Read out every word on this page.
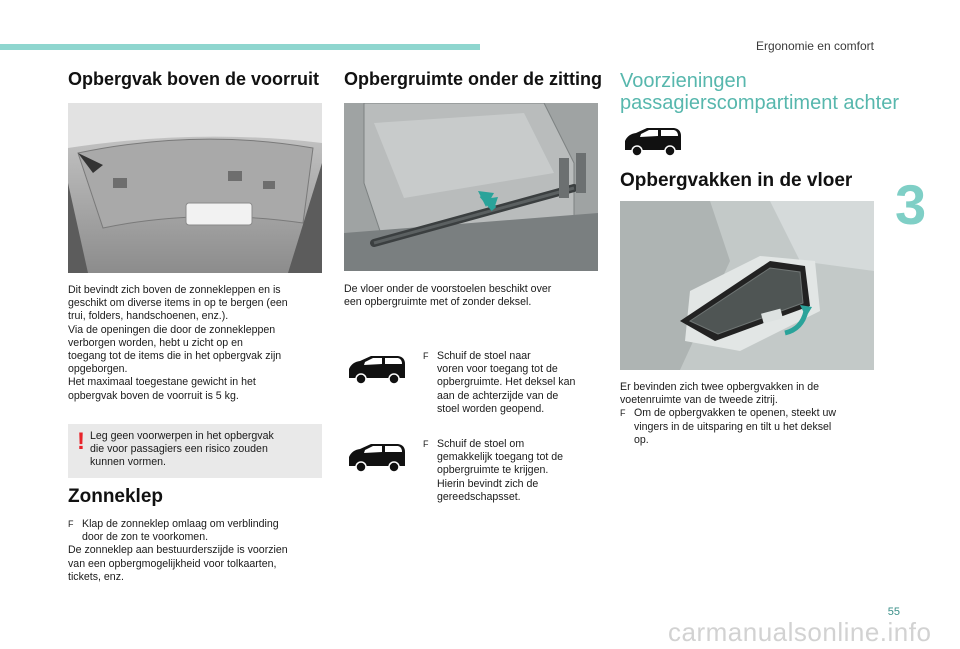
Ergonomie en comfort
3
Opbergvak boven de voorruit

Dit bevindt zich boven de zonnekleppen en is

geschikt om diverse items in op te bergen (een

trui, folders, handschoenen, enz.).

Via de openingen die door de zonnekleppen

verborgen worden, hebt u zicht op en

toegang tot de items die in het opbergvak zijn

opgeborgen.

Het maximaal toegestane gewicht in het

opbergvak boven de voorruit is 5 kg.

! Leg geen voorwerpen in het opbergvak

die voor passagiers een risico zouden

kunnen vormen.

Zonneklep

F Klap de zonneklep omlaag om verblinding

door de zon te voorkomen.

De zonneklep aan bestuurderszijde is voorzien

van een opbergmogelijkheid voor tolkaarten,

tickets, enz.

Opbergruimte onder de zitting

De vloer onder de voorstoelen beschikt over

een opbergruimte met of zonder deksel.

F Schuif de stoel naar

voren voor toegang tot de

opbergruimte. Het deksel kan

aan de achterzijde van de

stoel worden geopend.

F Schuif de stoel om

gemakkelijk toegang tot de

opbergruimte te krijgen.

Hierin bevindt zich de

gereedschapsset.

Voorzieningen
passagierscompartiment achter
Opbergvakken in de vloer

Er bevinden zich twee opbergvakken in de

voetenruimte van de tweede zitrij.

F Om de opbergvakken te openen, steekt uw

vingers in de uitsparing en tilt u het deksel

op.

55
carmanualsonline.info
